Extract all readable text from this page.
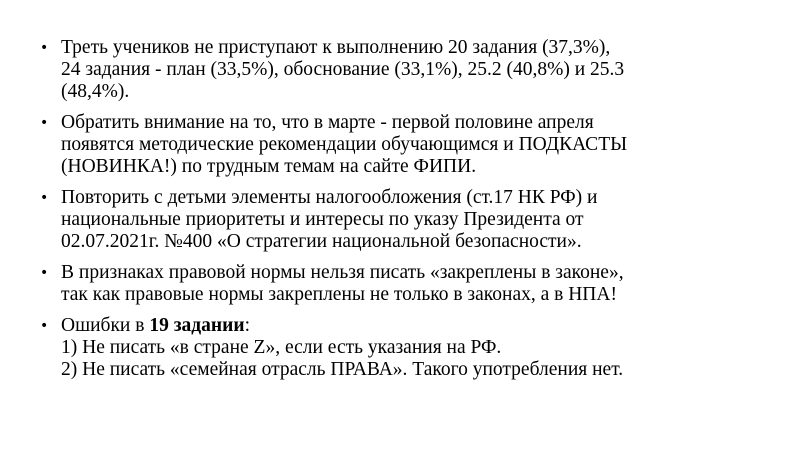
• Треть учеников не приступают к выполнению 20 задания (37,3%),
24 задания - план (33,5%), обоснование (33,1%), 25.2 (40,8%) и 25.3
(48,4%).
• Обратить внимание на то, что в марте - первой половине апреля
появятся методические рекомендации обучающимся и ПОДКАСТЫ
(НОВИНКА!) по трудным темам на сайте ФИПИ.
• Повторить с детьми элементы налогообложения (ст.17 НК РФ) и
национальные приоритеты и интересы по указу Президента от
02.07.2021г. №400 «О стратегии национальной безопасности».
• В признаках правовой нормы нельзя писать «закреплены в законе»,
так как правовые нормы закреплены не только в законах, а в НПА!
• Ошибки в 19 задании:
1) Не писать «в стране Z», если есть указания на РФ.
2) Не писать «семейная отрасль ПРАВА». Такого употребления нет.
